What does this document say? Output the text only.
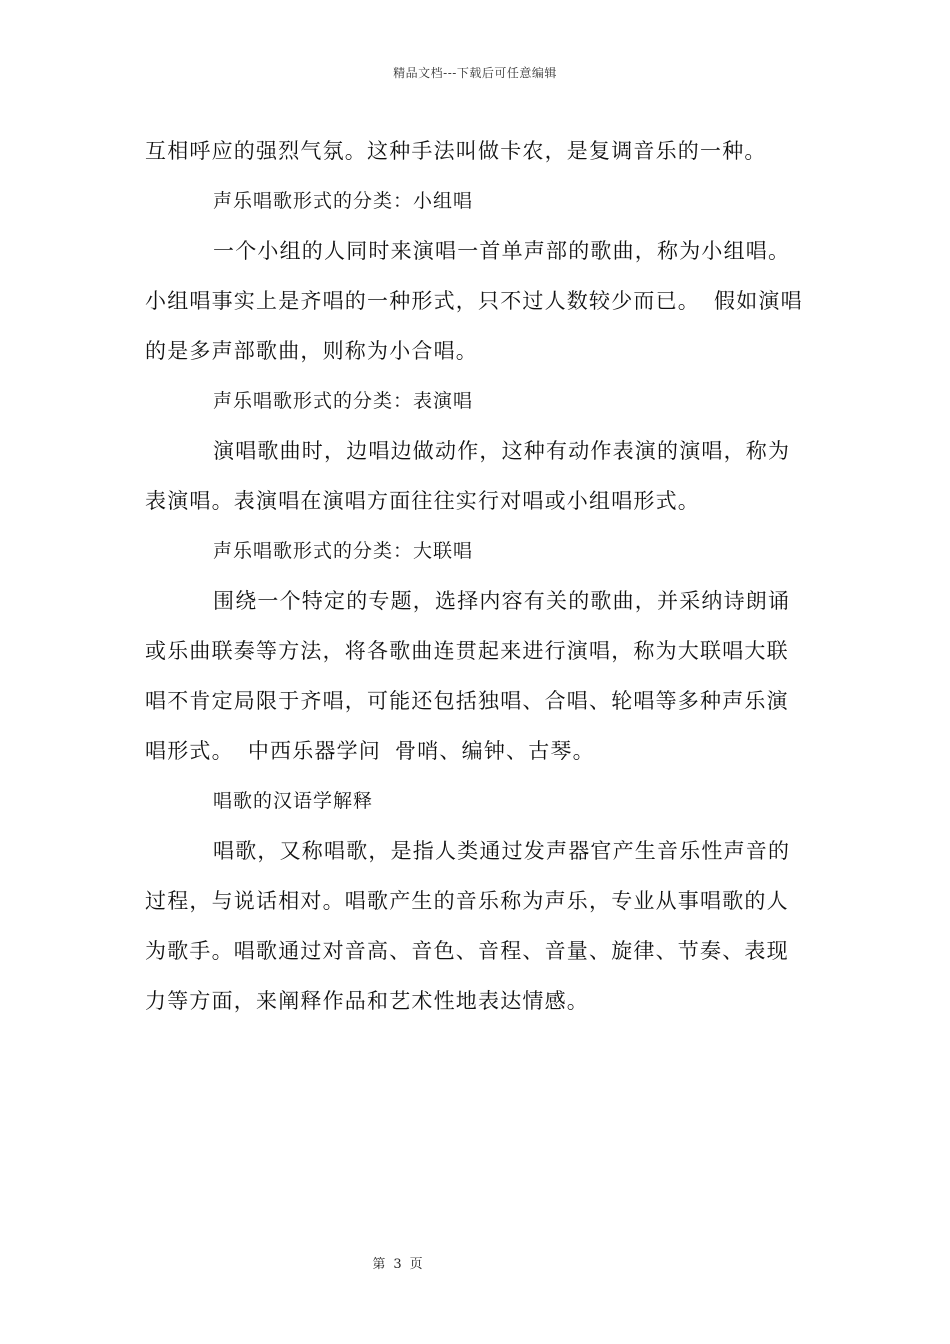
精品文档---下载后可任意编辑
互相呼应的强烈气氛。这种手法叫做卡农，是复调音乐的一种。
声乐唱歌形式的分类：小组唱
一个小组的人同时来演唱一首单声部的歌曲，称为小组唱。
小组唱事实上是齐唱的一种形式，只不过人数较少而已。 假如演唱
的是多声部歌曲，则称为小合唱。
声乐唱歌形式的分类：表演唱
演唱歌曲时，边唱边做动作，这种有动作表演的演唱，称为
表演唱。表演唱在演唱方面往往实行对唱或小组唱形式。
声乐唱歌形式的分类：大联唱
围绕一个特定的专题，选择内容有关的歌曲，并采纳诗朗诵
或乐曲联奏等方法，将各歌曲连贯起来进行演唱，称为大联唱大联
唱不肯定局限于齐唱，可能还包括独唱、合唱、轮唱等多种声乐演
唱形式。 中西乐器学问 骨哨、编钟、古琴。
唱歌的汉语学解释
唱歌，又称唱歌，是指人类通过发声器官产生音乐性声音的
过程，与说话相对。唱歌产生的音乐称为声乐，专业从事唱歌的人
为歌手。唱歌通过对音高、音色、音程、音量、旋律、节奏、表现
力等方面，来阐释作品和艺术性地表达情感。
第 3 页
